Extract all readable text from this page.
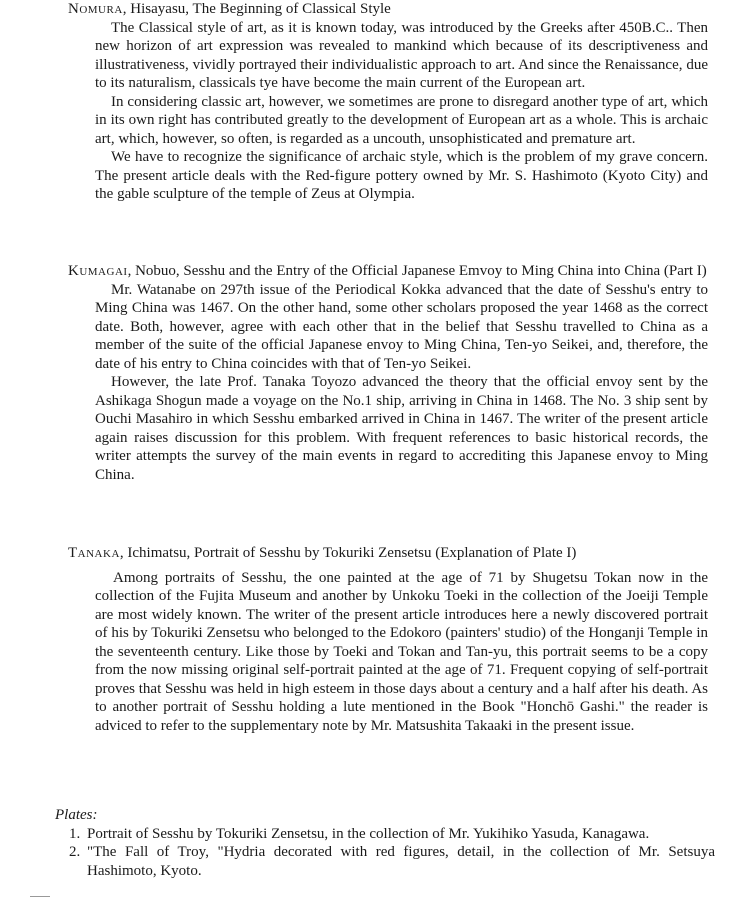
Nomura, Hisayasu, The Beginning of Classical Style

The Classical style of art, as it is known today, was introduced by the Greeks after 450B.C.. Then new horizon of art expression was revealed to mankind which because of its descriptiveness and illustrativeness, vividly portrayed their individualistic approach to art. And since the Renaissance, due to its naturalism, classicals tye have become the main current of the European art.

In considering classic art, however, we sometimes are prone to disregard another type of art, which in its own right has contributed greatly to the development of European art as a whole. This is archaic art, which, however, so often, is regarded as a uncouth, unsophisticated and premature art.

We have to recognize the significance of archaic style, which is the problem of my grave concern. The present article deals with the Red-figure pottery owned by Mr. S. Hashimoto (Kyoto City) and the gable sculpture of the temple of Zeus at Olympia.

Kumagai, Nobuo, Sesshu and the Entry of the Official Japanese Emvoy to Ming China into China (Part I)

Mr. Watanabe on 297th issue of the Periodical Kokka advanced that the date of Sesshu's entry to Ming China was 1467. On the other hand, some other scholars proposed the year 1468 as the correct date. Both, however, agree with each other that in the belief that Sesshu travelled to China as a member of the suite of the official Japanese envoy to Ming China, Ten-yo Seikei, and, therefore, the date of his entry to China coincides with that of Ten-yo Seikei.

However, the late Prof. Tanaka Toyozo advanced the theory that the official envoy sent by the Ashikaga Shogun made a voyage on the No.1 ship, arriving in China in 1468. The No. 3 ship sent by Ouchi Masahiro in which Sesshu embarked arrived in China in 1467. The writer of the present article again raises discussion for this problem. With frequent references to basic historical records, the writer attempts the survey of the main events in regard to accrediting this Japanese envoy to Ming China.

Tanaka, Ichimatsu, Portrait of Sesshu by Tokuriki Zensetsu (Explanation of Plate I)

Among portraits of Sesshu, the one painted at the age of 71 by Shugetsu Tokan now in the collection of the Fujita Museum and another by Unkoku Toeki in the collection of the Joeiji Temple are most widely known. The writer of the present article introduces here a newly discovered portrait of his by Tokuriki Zensetsu who belonged to the Edokoro (painters' studio) of the Honganji Temple in the seventeenth century. Like those by Toeki and Tokan and Tan-yu, this portrait seems to be a copy from the now missing original self-portrait painted at the age of 71. Frequent copying of self-portrait proves that Sesshu was held in high esteem in those days about a century and a half after his death. As to another portrait of Sesshu holding a lute mentioned in the Book "Honchō Gashi." the reader is adviced to refer to the supplementary note by Mr. Matsushita Takaaki in the present issue.

Plates:
1. Portrait of Sesshu by Tokuriki Zensetsu, in the collection of Mr. Yukihiko Yasuda, Kanagawa.
2. "The Fall of Troy, "Hydria decorated with red figures, detail, in the collection of Mr. Setsuya Hashimoto, Kyoto.
